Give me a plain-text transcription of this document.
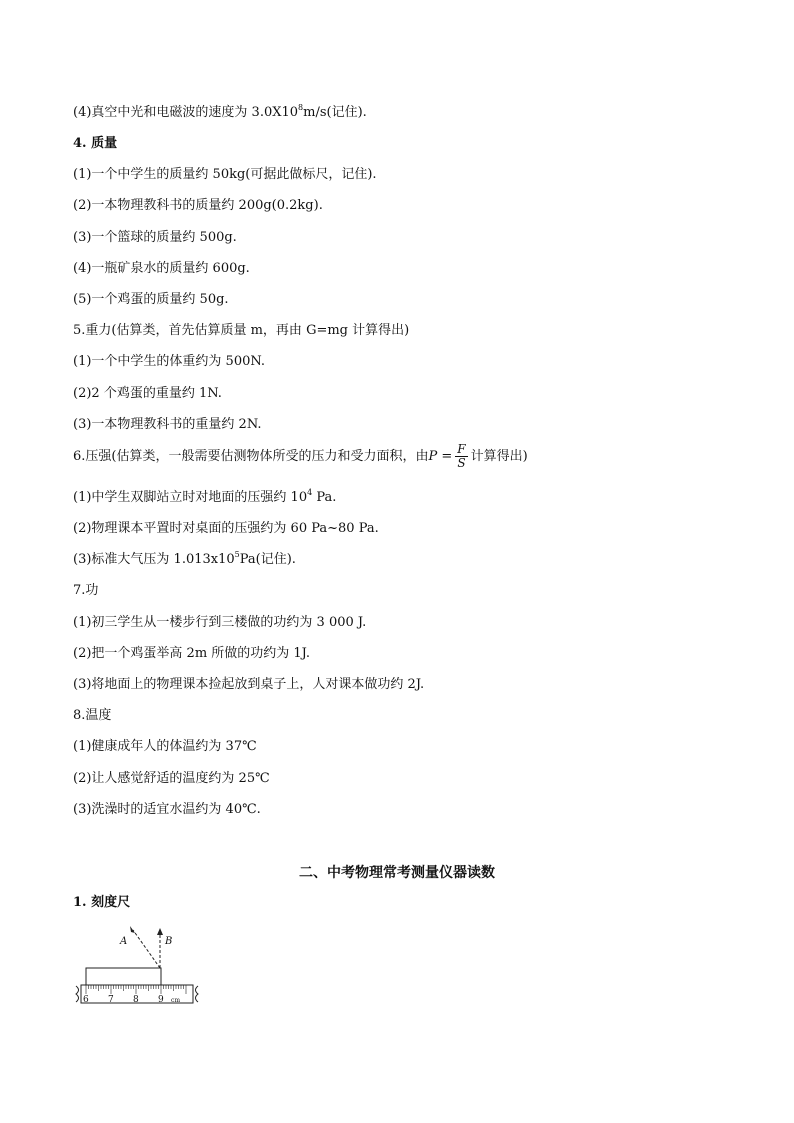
(4)真空中光和电磁波的速度为 $3.0X10^8m/s$(记住).
4. 质量
(1)一个中学生的质量约 50kg(可据此做标尺，记住).
(2)一本物理教科书的质量约 200g(0.2kg).
(3)一个篮球的质量约 500g.
(4)一瓶矿泉水的质量约 600g.
(5)一个鸡蛋的质量约 50g.
5.重力(估算类，首先估算质量 m，再由 G=mg 计算得出)
(1)一个中学生的体重约为 500N.
(2)2 个鸡蛋的重量约 1N.
(3)一本物理教科书的重量约 2N.
6.压强(估算类，一般需要估测物体所受的压力和受力面积，由$P = \frac{F}{S}$ 计算得出)
(1)中学生双脚站立时对地面的压强约 $10^4$ Pa.
(2)物理课本平置时对桌面的压强约为 60 Pa~80 Pa.
(3)标准大气压为 $1.013x10^5Pa$(记住).
7.功
(1)初三学生从一楼步行到三楼做的功约为 3 000 J.
(2)把一个鸡蛋举高 2m 所做的功约为 1J.
(3)将地面上的物理课本捡起放到桌子上，人对课本做功约 2J.
8.温度
(1)健康成年人的体温约为 37℃
(2)让人感觉舒适的温度约为 25℃
(3)洗澡时的适宜水温约为 40℃.
二、中考物理常考测量仪器读数
1. 刻度尺
A	B
6 7 8 9 cm
